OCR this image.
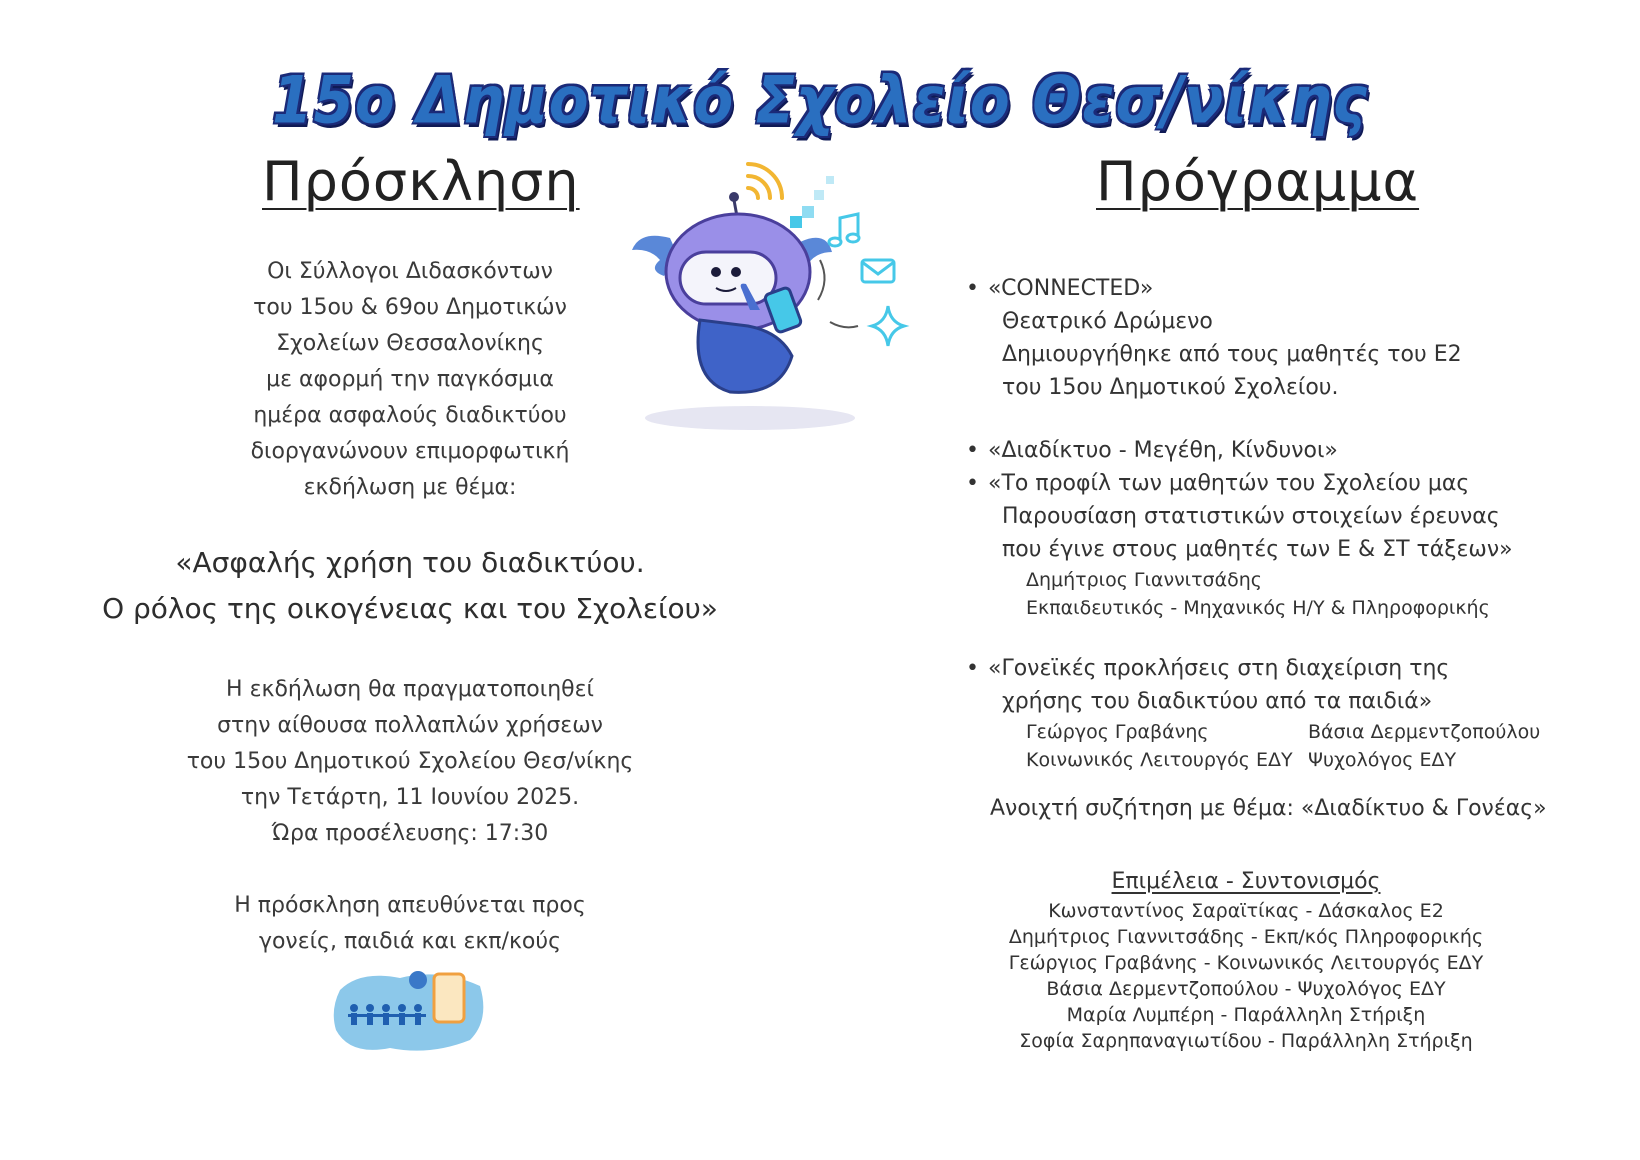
15ο Δημοτικό Σχολείο Θεσ/νίκης
Πρόσκληση	Πρόγραμμα

Οι Σύλλογοι Διδασκόντων

του 15ου & 69ου Δημοτικών

Σχολείων Θεσσαλονίκης

με αφορμή την παγκόσμια

ημέρα ασφαλούς διαδικτύου

διοργανώνουν επιμορφωτική

εκδήλωση με θέμα:

«Ασφαλής χρήση του διαδικτύου.

Ο ρόλος της οικογένειας και του Σχολείου»

Η εκδήλωση θα πραγματοποιηθεί

στην αίθουσα πολλαπλών χρήσεων

του 15ου Δημοτικού Σχολείου Θεσ/νίκης

την Τετάρτη, 11 Ιουνίου 2025.

Ώρα προσέλευσης: 17:30

Η πρόσκληση απευθύνεται προς

γονείς, παιδιά και εκπ/κούς

• «CONNECTED»
Θεατρικό Δρώμενο
Δημιουργήθηκε από τους μαθητές του Ε2
του 15ου Δημοτικού Σχολείου.
• «Διαδίκτυο - Μεγέθη, Κίνδυνοι»
• «Το προφίλ των μαθητών του Σχολείου μας
Παρουσίαση στατιστικών στοιχείων έρευνας
που έγινε στους μαθητές των Ε & ΣΤ τάξεων»
Δημήτριος Γιαννιτσάδης
Εκπαιδευτικός - Μηχανικός Η/Υ & Πληροφορικής
• «Γονεϊκές προκλήσεις στη διαχείριση της
χρήσης του διαδικτύου από τα παιδιά»
Γεώργος Γραβάνης
Κοινωνικός Λειτουργός ΕΔΥ
Βάσια Δερμεντζοπούλου
Ψυχολόγος ΕΔΥ
Ανοιχτή συζήτηση με θέμα: «Διαδίκτυο & Γονέας»
Επιμέλεια - Συντονισμός
Κωνσταντίνος Σαραϊτίκας - Δάσκαλος Ε2
Δημήτριος Γιαννιτσάδης - Εκπ/κός Πληροφορικής
Γεώργιος Γραβάνης - Κοινωνικός Λειτουργός ΕΔΥ
Βάσια Δερμεντζοπούλου - Ψυχολόγος ΕΔΥ
Μαρία Λυμπέρη - Παράλληλη Στήριξη
Σοφία Σαρηπαναγιωτίδου - Παράλληλη Στήριξη
